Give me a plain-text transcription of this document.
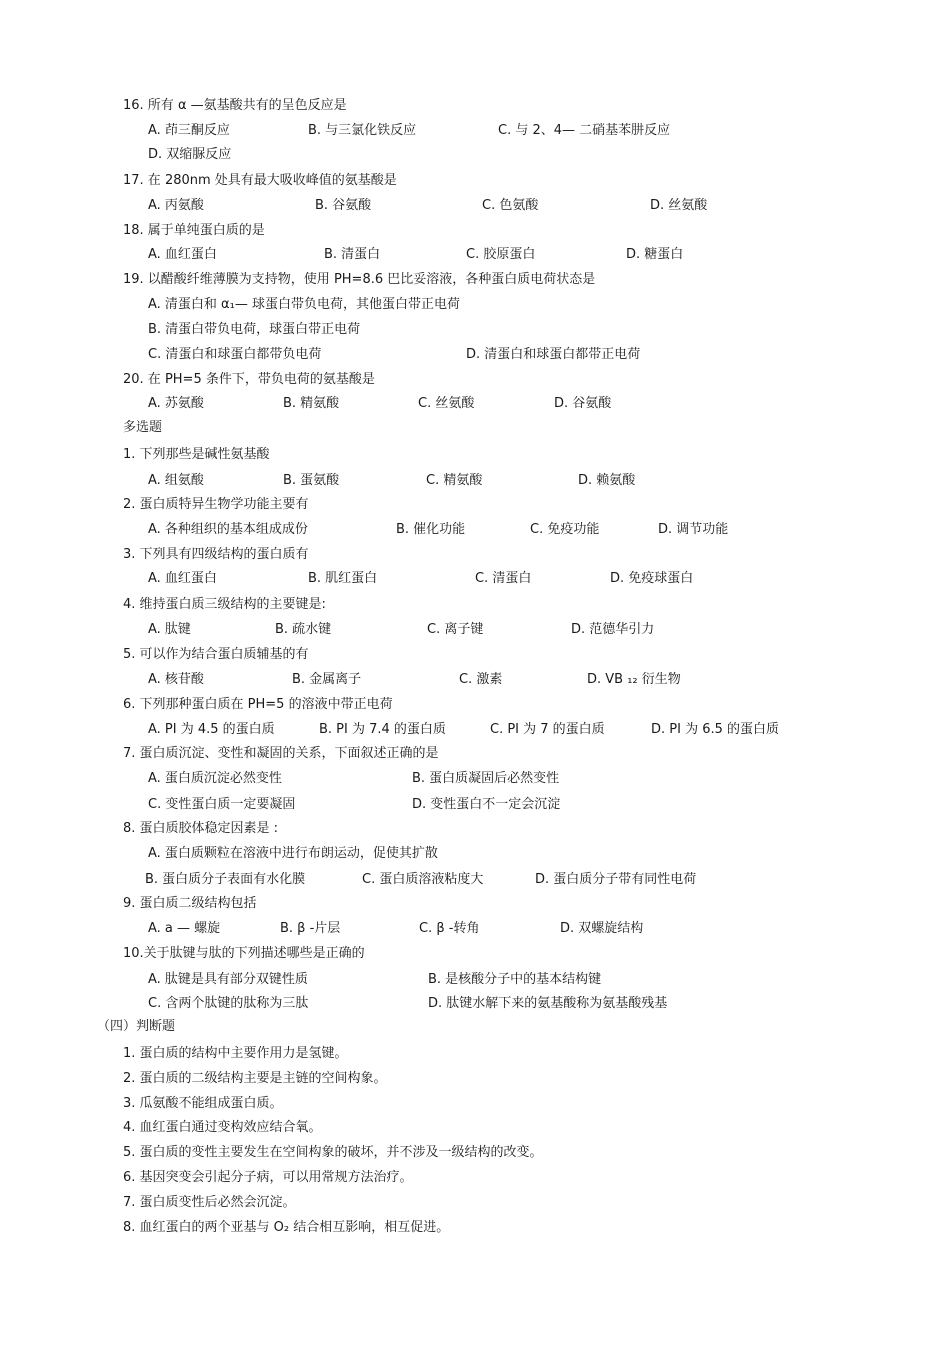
16. 所有 α —氨基酸共有的呈色反应是
A. 茚三酮反应	B. 与三氯化铁反应	C. 与 2、4— 二硝基苯肼反应
D. 双缩脲反应
17. 在 280nm 处具有最大吸收峰值的氨基酸是
A. 丙氨酸	B. 谷氨酸	C. 色氨酸	D. 丝氨酸
18. 属于单纯蛋白质的是
A. 血红蛋白	B. 清蛋白	C. 胶原蛋白	D. 糖蛋白
19. 以醋酸纤维薄膜为支持物，使用 PH=8.6 巴比妥溶液，各种蛋白质电荷状态是
A. 清蛋白和 α₁— 球蛋白带负电荷，其他蛋白带正电荷
B. 清蛋白带负电荷，球蛋白带正电荷
C. 清蛋白和球蛋白都带负电荷	D. 清蛋白和球蛋白都带正电荷
20. 在 PH=5 条件下，带负电荷的氨基酸是
A. 苏氨酸	B. 精氨酸	C. 丝氨酸	D. 谷氨酸
多选题
1. 下列那些是碱性氨基酸
A. 组氨酸	B. 蛋氨酸	C. 精氨酸	D. 赖氨酸
2. 蛋白质特异生物学功能主要有
A. 各种组织的基本组成成份	B. 催化功能	C. 免疫功能	D. 调节功能
3. 下列具有四级结构的蛋白质有
A. 血红蛋白	B. 肌红蛋白	C. 清蛋白	D. 免疫球蛋白
4. 维持蛋白质三级结构的主要键是:
A. 肽键	B. 疏水键	C. 离子键	D. 范德华引力
5. 可以作为结合蛋白质辅基的有
A. 核苷酸	B. 金属离子	C. 激素	D. VB ₁₂ 衍生物
6. 下列那种蛋白质在 PH=5 的溶液中带正电荷
A. PI 为 4.5 的蛋白质	B. PI 为 7.4 的蛋白质	C. PI 为 7 的蛋白质	D. PI 为 6.5 的蛋白质
7. 蛋白质沉淀、变性和凝固的关系，下面叙述正确的是
A. 蛋白质沉淀必然变性	B. 蛋白质凝固后必然变性
C. 变性蛋白质一定要凝固	D. 变性蛋白不一定会沉淀
8. 蛋白质胶体稳定因素是 :
A. 蛋白质颗粒在溶液中进行布朗运动，促使其扩散
B. 蛋白质分子表面有水化膜	C. 蛋白质溶液粘度大	D. 蛋白质分子带有同性电荷
9. 蛋白质二级结构包括
A. a — 螺旋	B. β -片层	C. β -转角	D. 双螺旋结构
10.关于肽键与肽的下列描述哪些是正确的
A. 肽键是具有部分双键性质	B. 是核酸分子中的基本结构键
C. 含两个肽键的肽称为三肽	D. 肽键水解下来的氨基酸称为氨基酸残基
（四）判断题
1. 蛋白质的结构中主要作用力是氢键。
2. 蛋白质的二级结构主要是主链的空间构象。
3. 瓜氨酸不能组成蛋白质。
4. 血红蛋白通过变构效应结合氧。
5. 蛋白质的变性主要发生在空间构象的破坏，并不涉及一级结构的改变。
6. 基因突变会引起分子病，可以用常规方法治疗。
7. 蛋白质变性后必然会沉淀。
8. 血红蛋白的两个亚基与 O₂ 结合相互影响，相互促进。
